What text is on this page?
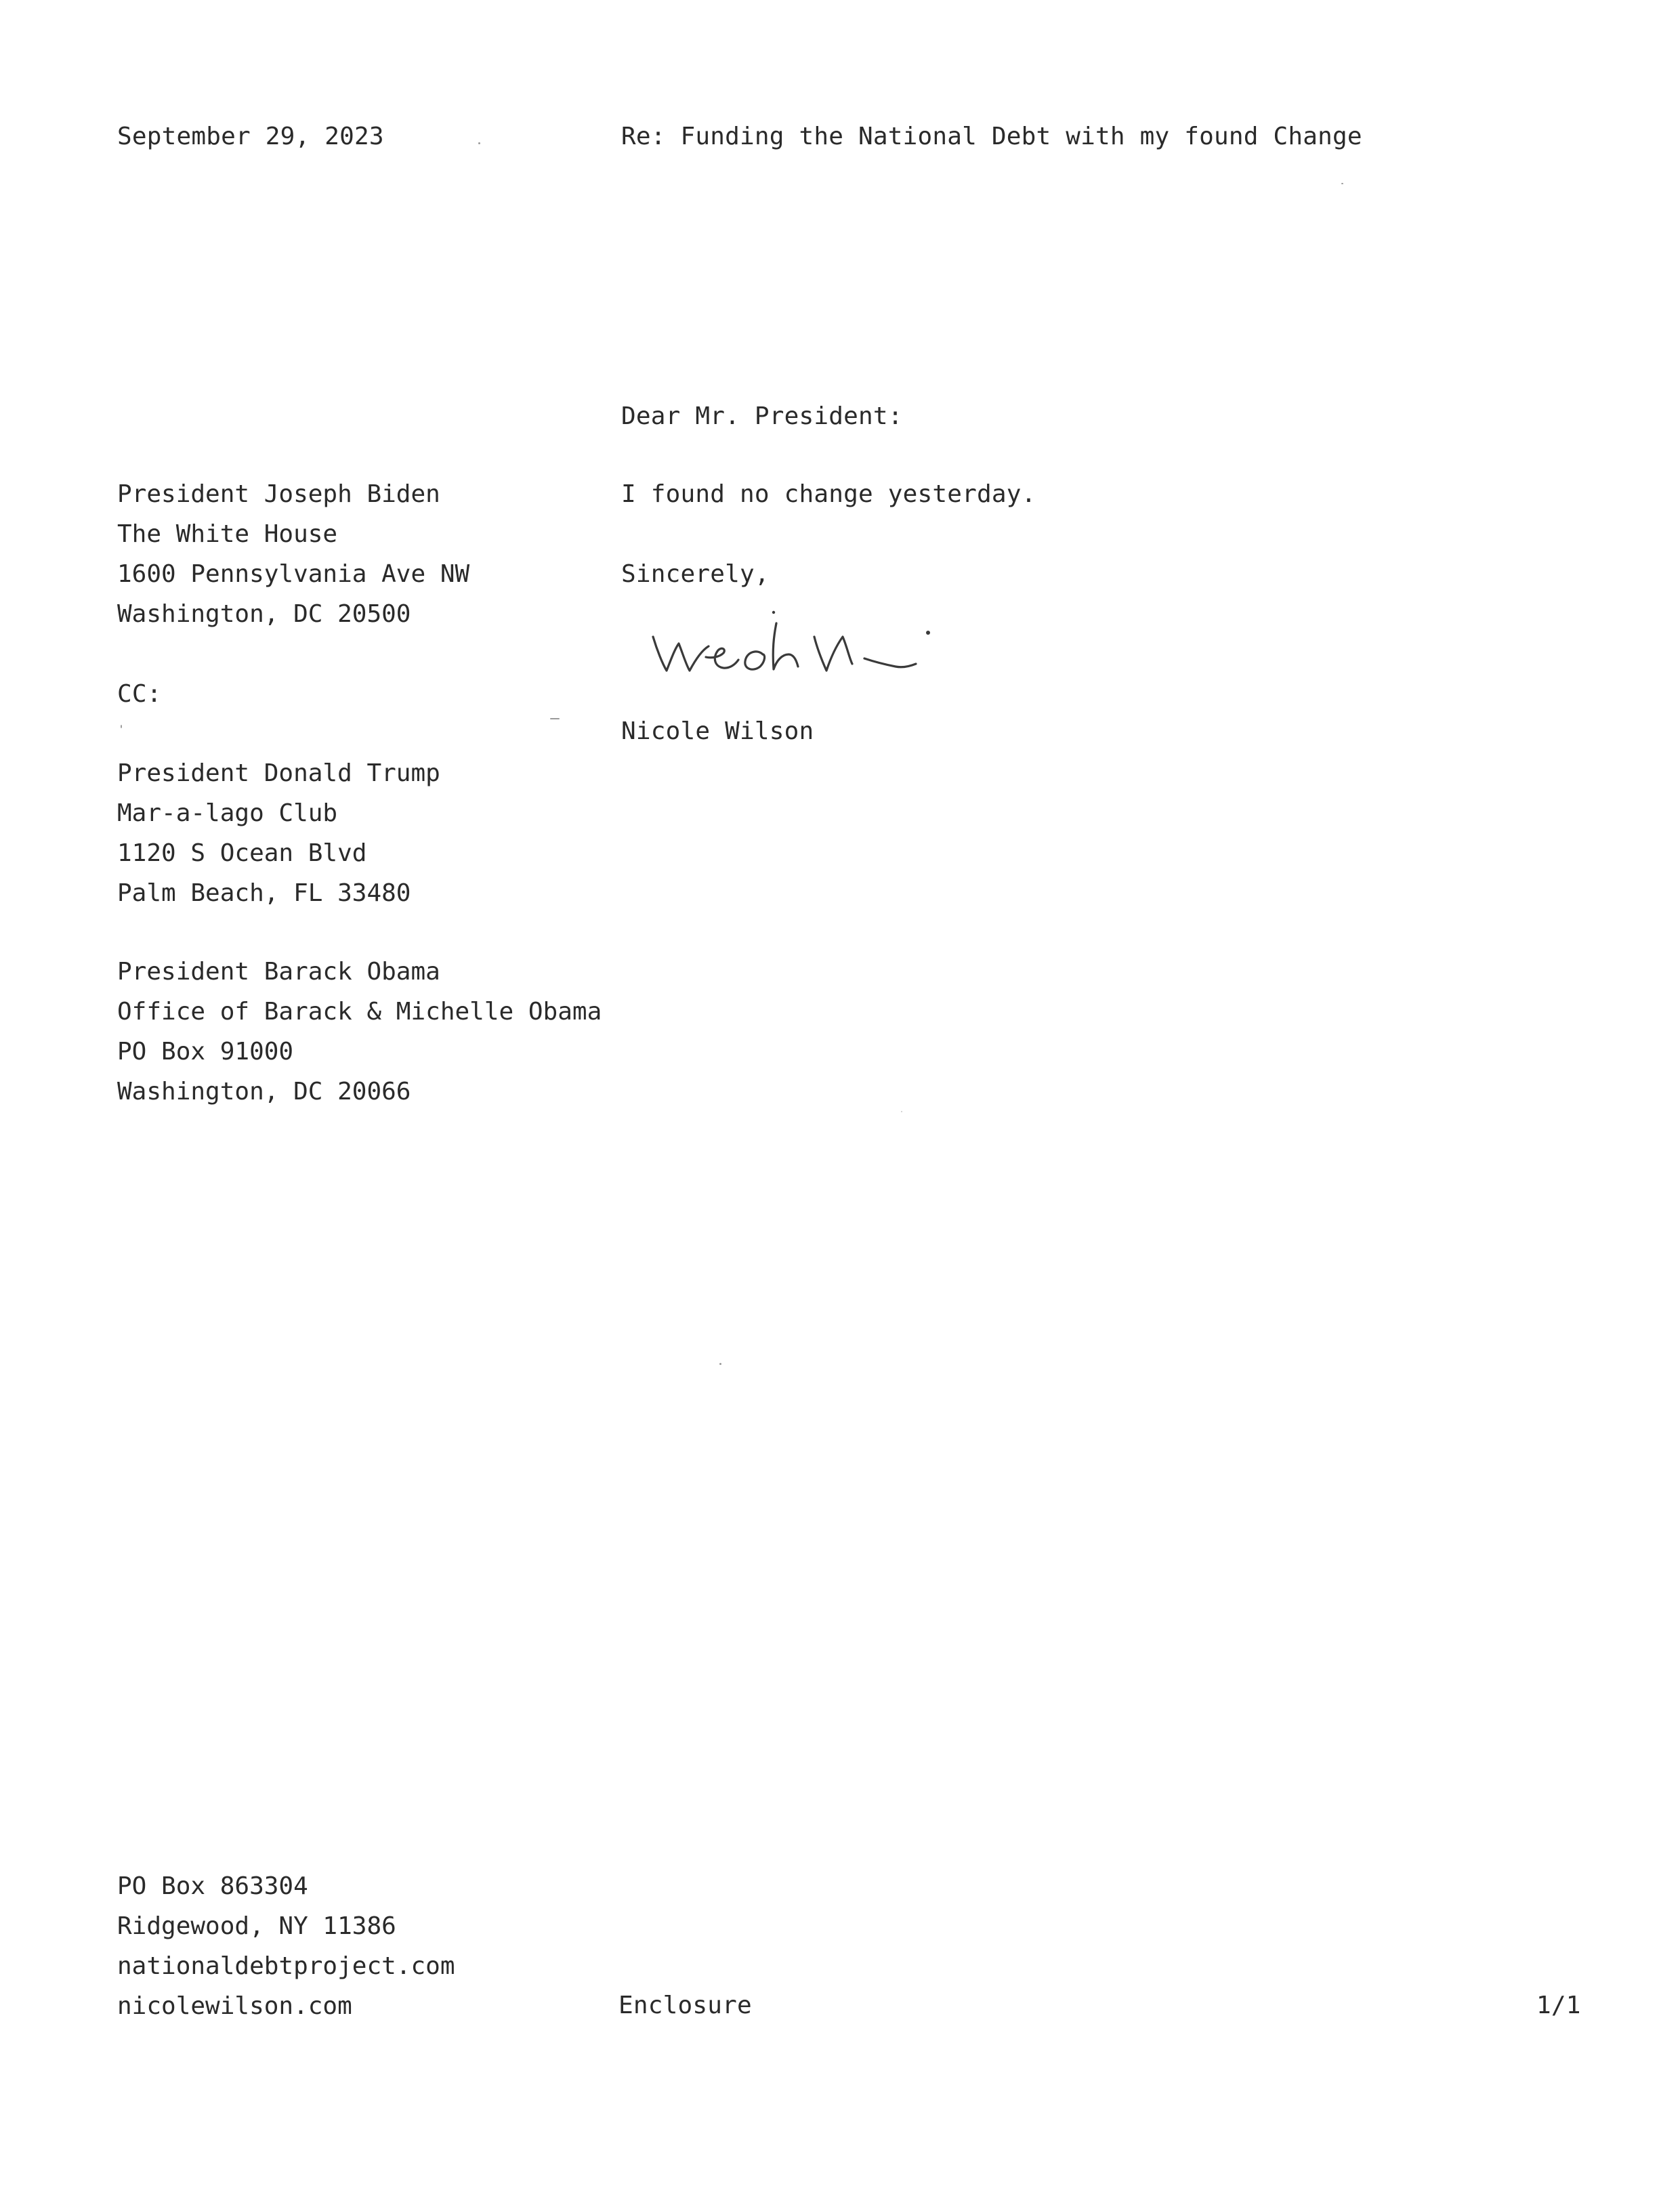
September 29, 2023	Re: Funding the National Debt with my found Change
Dear Mr. President:
I found no change yesterday.
Sincerely,
Nicole Wilson
President Joseph Biden
The White House
1600 Pennsylvania Ave NW
Washington, DC 20500
CC:
President Donald Trump
Mar-a-lago Club
1120 S Ocean Blvd
Palm Beach, FL 33480
President Barack Obama
Office of Barack & Michelle Obama
PO Box 91000
Washington, DC 20066
PO Box 863304
Ridgewood, NY 11386
nationaldebtproject.com
nicolewilson.com	Enclosure	1/1
